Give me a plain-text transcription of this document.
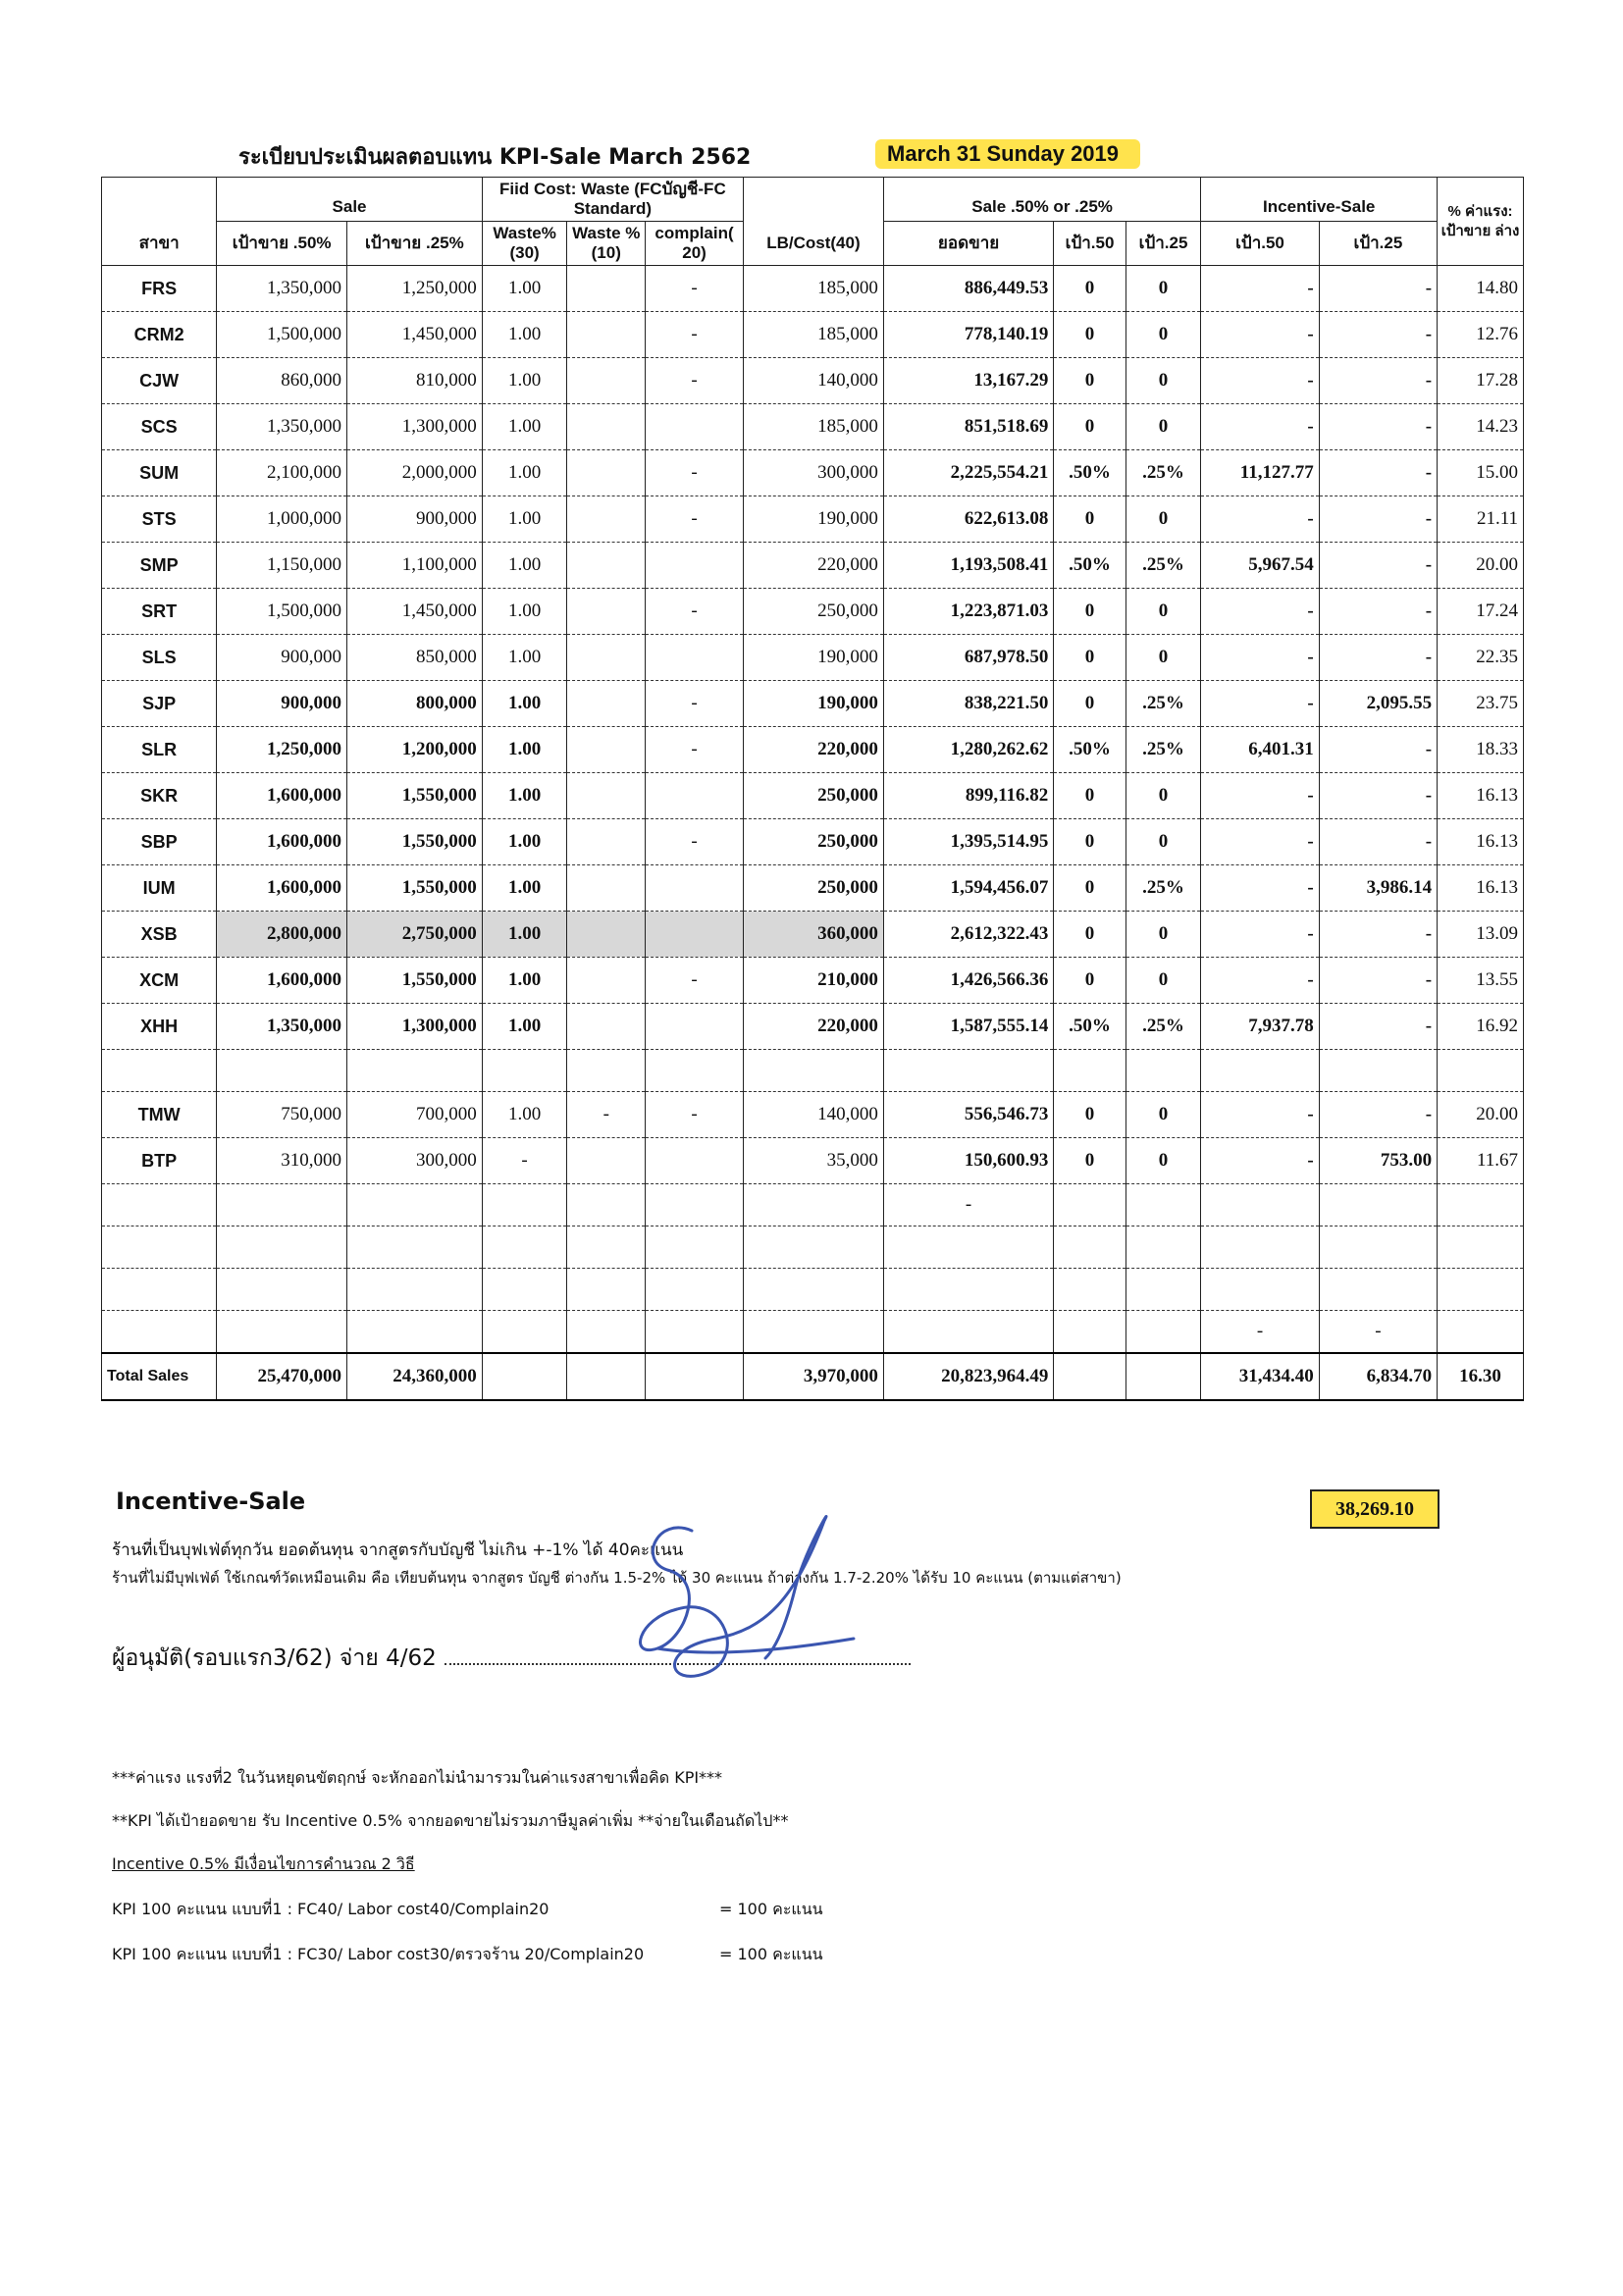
ระเบียบประเมินผลตอบแทน KPI-Sale March 2562	March 31 Sunday 2019
	Sale		Fiid Cost: Waste (FCบัญชี-FC Standard)				Sale .50% or .25%			Incentive-Sale		% ค่าแรง: เป้าขาย ล่าง
			Waste% (30)	Waste %(10)	complain( 20)							
สาขา	เป้าขาย .50%	เป้าขาย .25%				LB/Cost(40)	ยอดขาย	เป้า.50	เป้า.25	เป้า.50	เป้า.25	
FRS	1,350,000	1,250,000	1.00		-	185,000	886,449.53	0	0	-	-	14.80
CRM2	1,500,000	1,450,000	1.00		-	185,000	778,140.19	0	0	-	-	12.76
CJW	860,000	810,000	1.00		-	140,000	13,167.29	0	0	-	-	17.28
SCS	1,350,000	1,300,000	1.00			185,000	851,518.69	0	0	-	-	14.23
SUM	2,100,000	2,000,000	1.00		-	300,000	2,225,554.21	.50%	.25%	11,127.77	-	15.00
STS	1,000,000	900,000	1.00		-	190,000	622,613.08	0	0	-	-	21.11
SMP	1,150,000	1,100,000	1.00			220,000	1,193,508.41	.50%	.25%	5,967.54	-	20.00
SRT	1,500,000	1,450,000	1.00		-	250,000	1,223,871.03	0	0	-	-	17.24
SLS	900,000	850,000	1.00			190,000	687,978.50	0	0	-	-	22.35
SJP	900,000	800,000	1.00		-	190,000	838,221.50	0	.25%	-	2,095.55	23.75
SLR	1,250,000	1,200,000	1.00		-	220,000	1,280,262.62	.50%	.25%	6,401.31	-	18.33
SKR	1,600,000	1,550,000	1.00			250,000	899,116.82	0	0	-	-	16.13
SBP	1,600,000	1,550,000	1.00		-	250,000	1,395,514.95	0	0	-	-	16.13
IUM	1,600,000	1,550,000	1.00			250,000	1,594,456.07	0	.25%	-	3,986.14	16.13
XSB	2,800,000	2,750,000	1.00			360,000	2,612,322.43	0	0	-	-	13.09
XCM	1,600,000	1,550,000	1.00		-	210,000	1,426,566.36	0	0	-	-	13.55
XHH	1,350,000	1,300,000	1.00			220,000	1,587,555.14	.50%	.25%	7,937.78	-	16.92

TMW	750,000	700,000	1.00	-	-	140,000	556,546.73	0	0	-	-	20.00
BTP	310,000	300,000	-			35,000	150,600.93	0	0	-	753.00	11.67
							-					

										-	-	
Total Sales	25,470,000	24,360,000				3,970,000	20,823,964.49			31,434.40	6,834.70	16.30
Incentive-Sale	38,269.10
ร้านที่เป็นบุฟเฟ่ต์ทุกวัน ยอดต้นทุน จากสูตรกับบัญชี ไม่เกิน +-1% ได้ 40คะแนน
ร้านที่ไม่มีบุฟเฟ่ต์ ใช้เกณฑ์วัดเหมือนเดิม คือ เทียบต้นทุน จากสูตร บัญชี ต่างกัน 1.5-2% ได้ 30 คะแนน ถ้าต่างกัน 1.7-2.20% ได้รับ 10 คะแนน (ตามแต่สาขา)
ผู้อนุมัติ(รอบแรก3/62) จ่าย 4/62
***ค่าแรง แรงที่2 ในวันหยุดนขัตฤกษ์ จะหักออกไม่นำมารวมในค่าแรงสาขาเพื่อคิด KPI***
**KPI ได้เป้ายอดขาย รับ Incentive 0.5% จากยอดขายไม่รวมภาษีมูลค่าเพิ่ม **จ่ายในเดือนถัดไป**
Incentive 0.5% มีเงื่อนไขการคำนวณ 2 วิธี
KPI 100 คะแนน แบบที่1 : FC40/ Labor cost40/Complain20	= 100 คะแนน
KPI 100 คะแนน แบบที่1 : FC30/ Labor cost30/ตรวจร้าน 20/Complain20	= 100 คะแนน
